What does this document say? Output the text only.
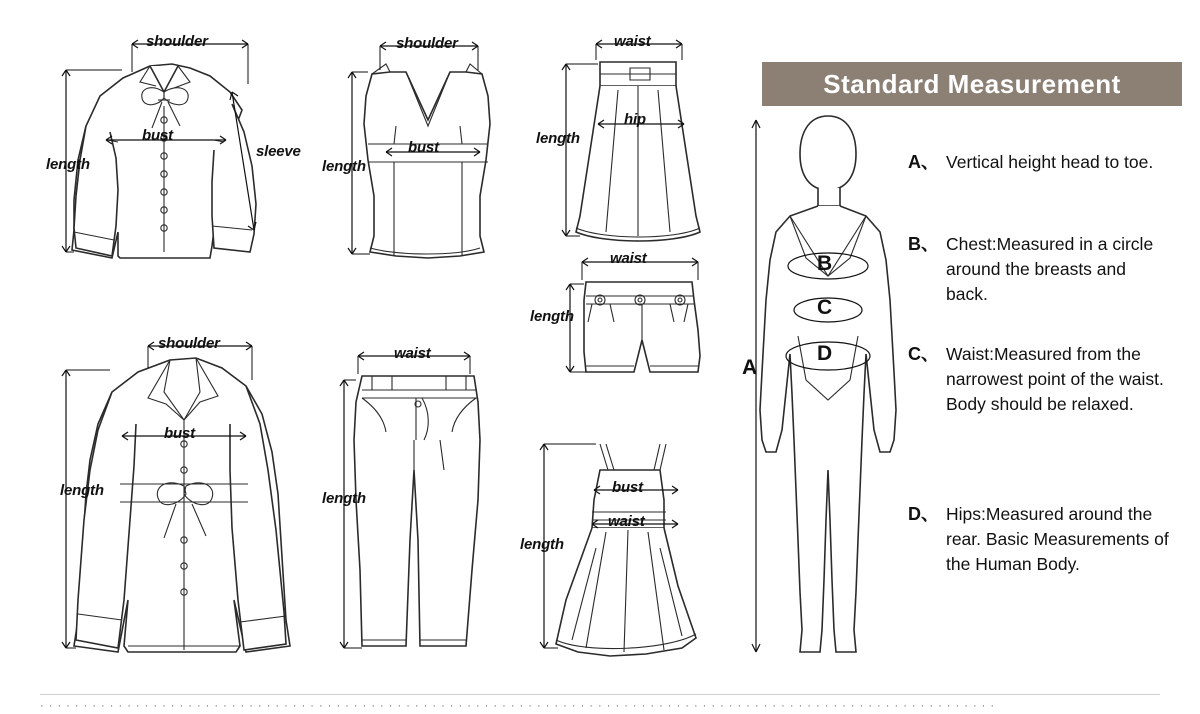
shoulder
bust
length
sleeve
shoulder
bust
length
waist
hip
length
waist
length
shoulder
bust
length
waist
length
bust
waist
length
A
B
C
D
Standard Measurement
A、 Vertical height head to toe.
B、 Chest:Measured in a circle around the breasts and back.
C、 Waist:Measured from the narrowest point of the waist. Body should be relaxed.
D、 Hips:Measured around the rear. Basic Measurements of the Human Body.
· · · · · · · · · · · · · · · · · · · · · · · · · · · · · · · · · · · · · · · · · · · · · · · · · · · · · · · · · · · · · · · · · · · · · · · · · · · · · · · · · · · · · · · · · · · · · · · · · · · · · · · · · · · · · ·
